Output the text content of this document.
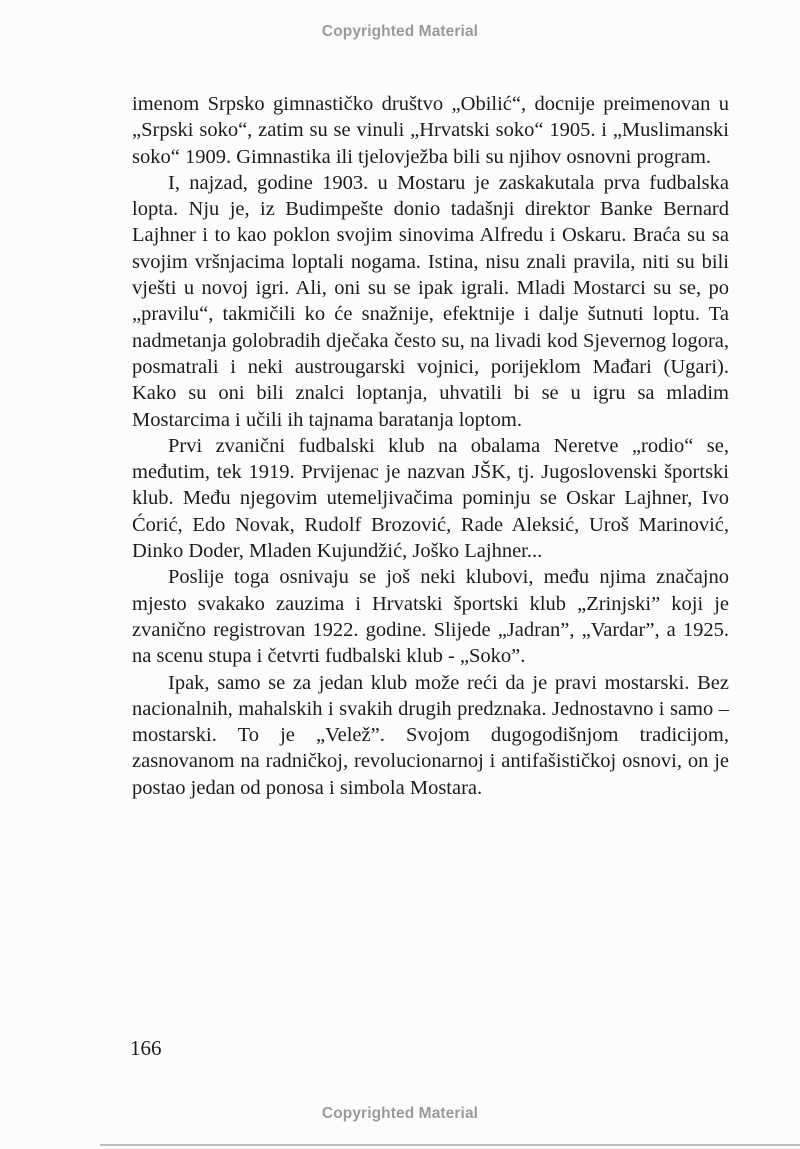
Copyrighted Material

imenom Srpsko gimnastičko društvo „Obilić“, docnije preimenovan u „Srpski soko“, zatim su se vinuli „Hrvatski soko“ 1905. i „Muslimanski soko“ 1909. Gimnastika ili tjelovježba bili su njihov osnovni program.

I, najzad, godine 1903. u Mostaru je zaskakutala prva fudbalska lopta. Nju je, iz Budimpešte donio tadašnji direktor Banke Bernard Lajhner i to kao poklon svojim sinovima Alfredu i Oskaru. Braća su sa svojim vršnjacima loptali nogama. Istina, nisu znali pravila, niti su bili vješti u novoj igri. Ali, oni su se ipak igrali. Mladi Mostarci su se, po „pravilu“, takmičili ko će snažnije, efektnije i dalje šutnuti loptu. Ta nadmetanja golobradih dječaka često su, na livadi kod Sjevernog logora, posmatrali i neki austrougarski vojnici, porijeklom Mađari (Ugari). Kako su oni bili znalci loptanja, uhvatili bi se u igru sa mladim Mostarcima i učili ih tajnama baratanja loptom.

Prvi zvanični fudbalski klub na obalama Neretve „rodio“ se, međutim, tek 1919. Prvijenac je nazvan JŠK, tj. Jugoslovenski športski klub. Među njegovim utemeljivačima pominju se Oskar Lajhner, Ivo Ćorić, Edo Novak, Rudolf Brozović, Rade Aleksić, Uroš Marinović, Dinko Doder, Mladen Kujundžić, Joško Lajhner...

Poslije toga osnivaju se još neki klubovi, među njima značajno mjesto svakako zauzima i Hrvatski športski klub „Zrinjski” koji je zvanično registrovan 1922. godine. Slijede „Jadran”, „Vardar”, a 1925. na scenu stupa i četvrti fudbalski klub - „Soko”.

Ipak, samo se za jedan klub može reći da je pravi mostarski. Bez nacionalnih, mahalskih i svakih drugih predznaka. Jednostavno i samo – mostarski. To je „Velež”. Svojom dugogodišnjom tradicijom, zasnovanom na radničkoj, revolucionarnoj i antifašističkoj osnovi, on je postao jedan od ponosa i simbola Mostara.

166
Copyrighted Material
